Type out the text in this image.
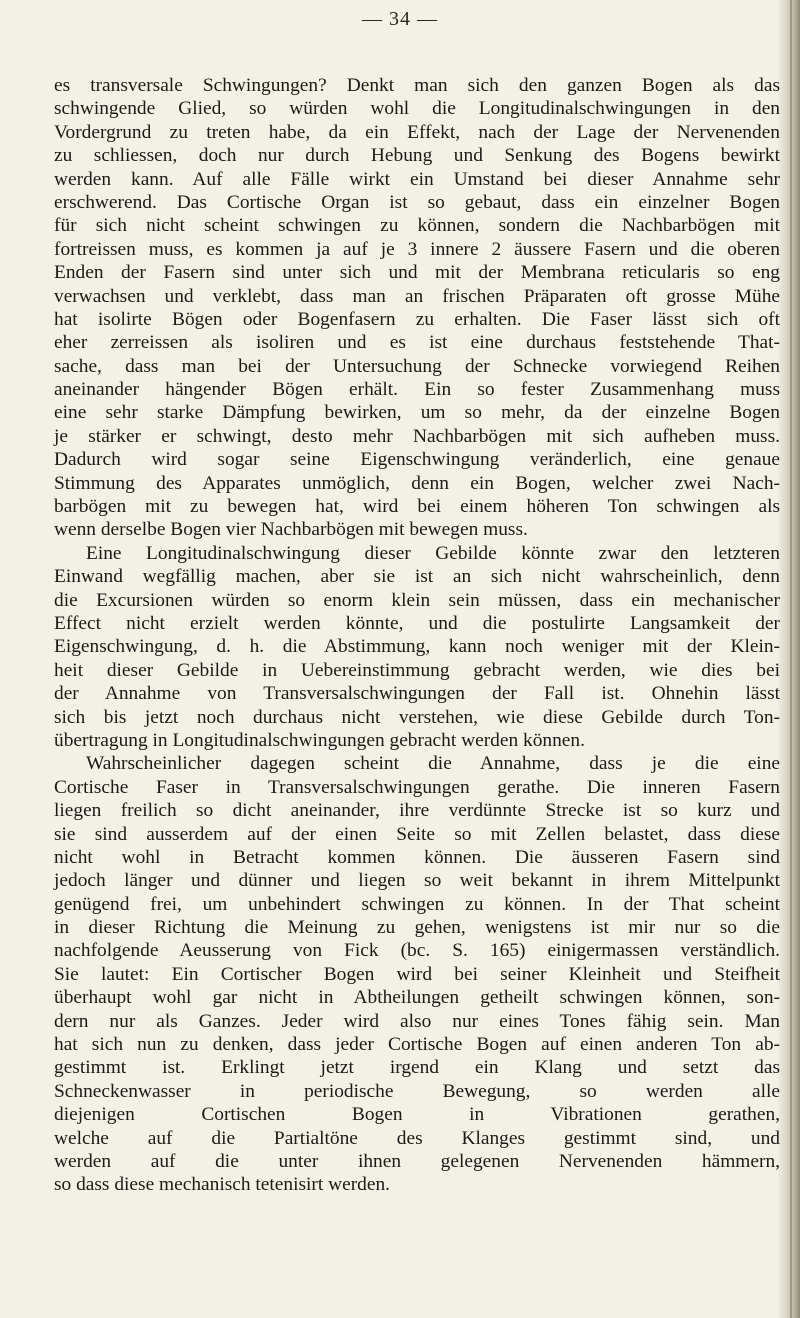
— 34 —
es transversale Schwingungen? Denkt man sich den ganzen Bogen als das
schwingende Glied, so würden wohl die Longitudinalschwingungen in den
Vordergrund zu treten habe, da ein Effekt, nach der Lage der Nervenenden
zu schliessen, doch nur durch Hebung und Senkung des Bogens bewirkt
werden kann. Auf alle Fälle wirkt ein Umstand bei dieser Annahme sehr
erschwerend. Das Cortische Organ ist so gebaut, dass ein einzelner Bogen
für sich nicht scheint schwingen zu können, sondern die Nachbarbögen mit
fortreissen muss, es kommen ja auf je 3 innere 2 äussere Fasern und die oberen
Enden der Fasern sind unter sich und mit der Membrana reticularis so eng
verwachsen und verklebt, dass man an frischen Präparaten oft grosse Mühe
hat isolirte Bögen oder Bogenfasern zu erhalten. Die Faser lässt sich oft
eher zerreissen als isoliren und es ist eine durchaus feststehende That-
sache, dass man bei der Untersuchung der Schnecke vorwiegend Reihen
aneinander hängender Bögen erhält. Ein so fester Zusammenhang muss
eine sehr starke Dämpfung bewirken, um so mehr, da der einzelne Bogen
je stärker er schwingt, desto mehr Nachbarbögen mit sich aufheben muss.
Dadurch wird sogar seine Eigenschwingung veränderlich, eine genaue
Stimmung des Apparates unmöglich, denn ein Bogen, welcher zwei Nach-
barbögen mit zu bewegen hat, wird bei einem höheren Ton schwingen als
wenn derselbe Bogen vier Nachbarbögen mit bewegen muss.
Eine Longitudinalschwingung dieser Gebilde könnte zwar den letzteren
Einwand wegfällig machen, aber sie ist an sich nicht wahrscheinlich, denn
die Excursionen würden so enorm klein sein müssen, dass ein mechanischer
Effect nicht erzielt werden könnte, und die postulirte Langsamkeit der
Eigenschwingung, d. h. die Abstimmung, kann noch weniger mit der Klein-
heit dieser Gebilde in Uebereinstimmung gebracht werden, wie dies bei
der Annahme von Transversalschwingungen der Fall ist. Ohnehin lässt
sich bis jetzt noch durchaus nicht verstehen, wie diese Gebilde durch Ton-
übertragung in Longitudinalschwingungen gebracht werden können.
Wahrscheinlicher dagegen scheint die Annahme, dass je die eine
Cortische Faser in Transversalschwingungen gerathe. Die inneren Fasern
liegen freilich so dicht aneinander, ihre verdünnte Strecke ist so kurz und
sie sind ausserdem auf der einen Seite so mit Zellen belastet, dass diese
nicht wohl in Betracht kommen können. Die äusseren Fasern sind
jedoch länger und dünner und liegen so weit bekannt in ihrem Mittelpunkt
genügend frei, um unbehindert schwingen zu können. In der That scheint
in dieser Richtung die Meinung zu gehen, wenigstens ist mir nur so die
nachfolgende Aeusserung von Fick (bc. S. 165) einigermassen verständlich.
Sie lautet: Ein Cortischer Bogen wird bei seiner Kleinheit und Steifheit
überhaupt wohl gar nicht in Abtheilungen getheilt schwingen können, son-
dern nur als Ganzes. Jeder wird also nur eines Tones fähig sein. Man
hat sich nun zu denken, dass jeder Cortische Bogen auf einen anderen Ton ab-
gestimmt ist. Erklingt jetzt irgend ein Klang und setzt das
Schneckenwasser in periodische Bewegung, so werden alle
diejenigen Cortischen Bogen in Vibrationen gerathen,
welche auf die Partialtöne des Klanges gestimmt sind, und
werden auf die unter ihnen gelegenen Nervenenden hämmern,
so dass diese mechanisch tetenisirt werden.
